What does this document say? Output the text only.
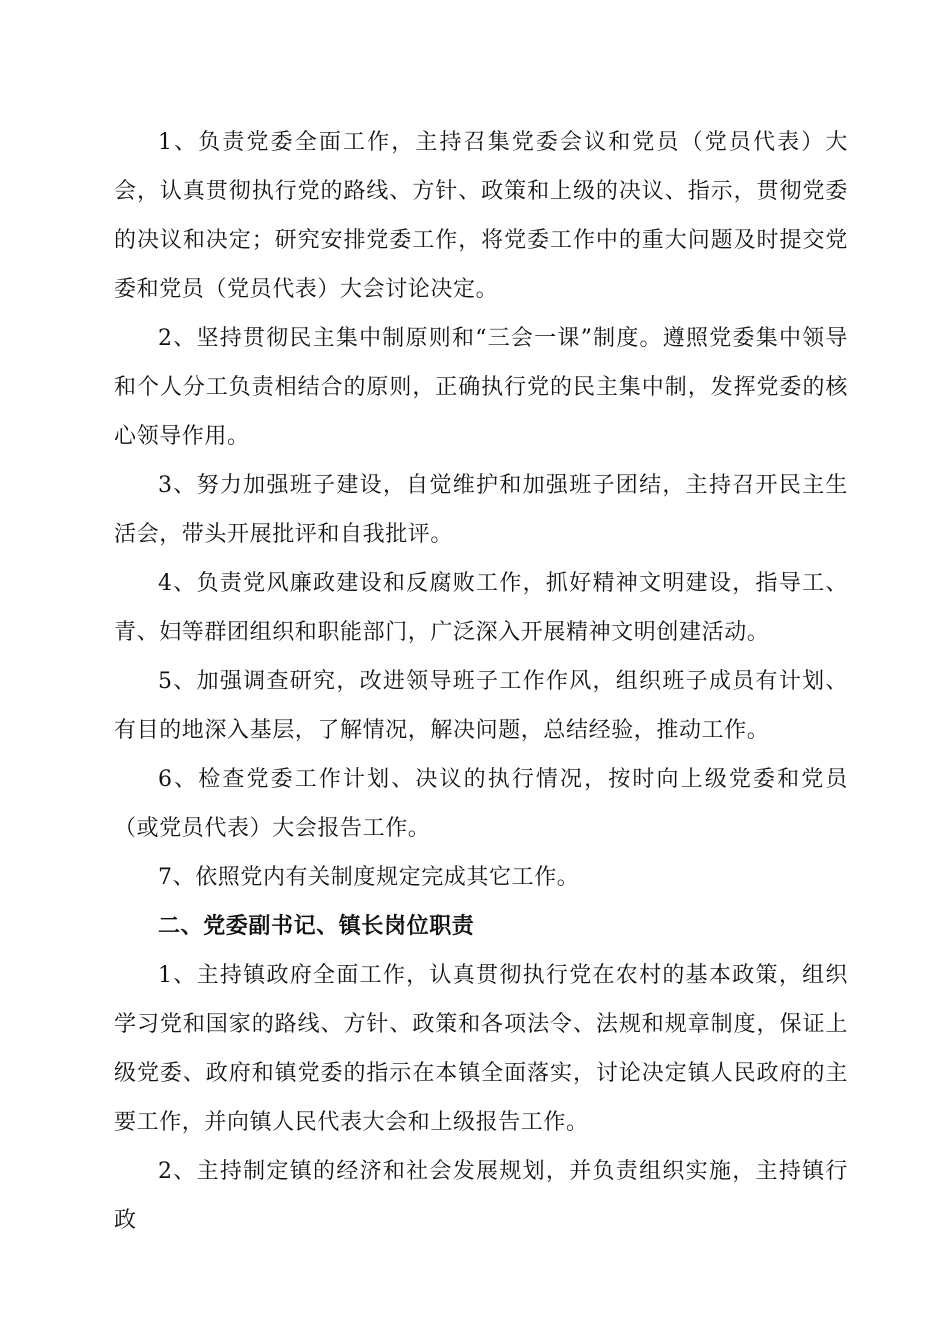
1、负责党委全面工作，主持召集党委会议和党员（党员代表）大会，认真贯彻执行党的路线、方针、政策和上级的决议、指示，贯彻党委的决议和决定；研究安排党委工作，将党委工作中的重大问题及时提交党委和党员（党员代表）大会讨论决定。

2、坚持贯彻民主集中制原则和“三会一课”制度。遵照党委集中领导和个人分工负责相结合的原则，正确执行党的民主集中制，发挥党委的核心领导作用。

3、努力加强班子建设，自觉维护和加强班子团结，主持召开民主生活会，带头开展批评和自我批评。

4、负责党风廉政建设和反腐败工作，抓好精神文明建设，指导工、青、妇等群团组织和职能部门，广泛深入开展精神文明创建活动。

5、加强调查研究，改进领导班子工作作风，组织班子成员有计划、有目的地深入基层，了解情况，解决问题，总结经验，推动工作。

6、检查党委工作计划、决议的执行情况，按时向上级党委和党员（或党员代表）大会报告工作。

7、依照党内有关制度规定完成其它工作。

二、党委副书记、镇长岗位职责

1、主持镇政府全面工作，认真贯彻执行党在农村的基本政策，组织学习党和国家的路线、方针、政策和各项法令、法规和规章制度，保证上级党委、政府和镇党委的指示在本镇全面落实，讨论决定镇人民政府的主要工作，并向镇人民代表大会和上级报告工作。

2、主持制定镇的经济和社会发展规划，并负责组织实施，主持镇行政
